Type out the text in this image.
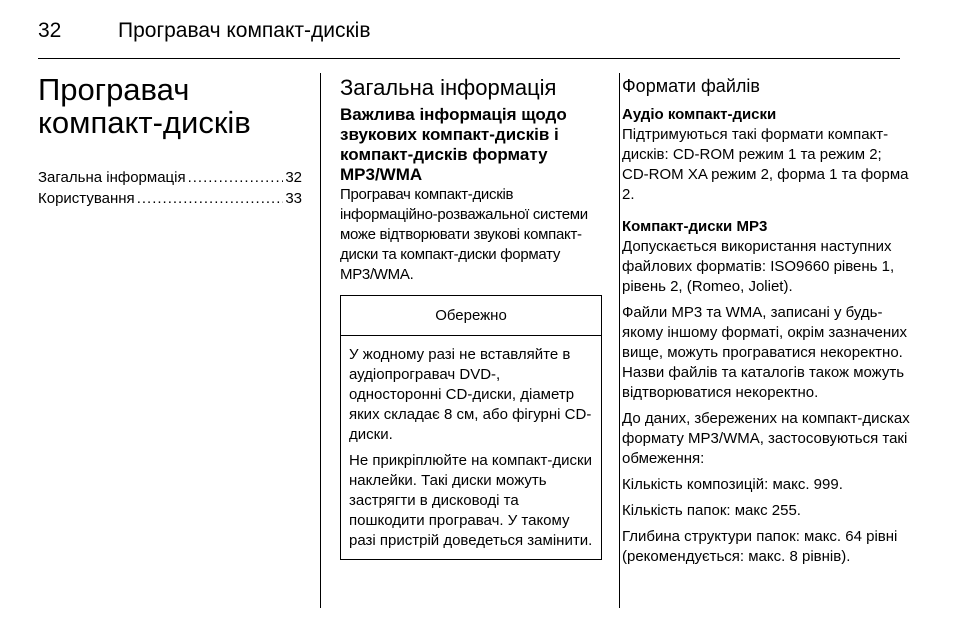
32	Програвач компакт-дисків
Програвач компакт-дисків
Загальна інформація .....	32
Користування .....	33
Загальна інформація
Важлива інформація щодо звукових компакт-дисків і компакт-дисків формату MP3/WMA

Програвач компакт-дисків інформаційно-розважальної системи може відтворювати звукові компакт-диски та компакт-диски формату MP3/WMA.

Обережно

У жодному разі не вставляйте в аудіопрогравач DVD-, односторонні CD-диски, діаметр яких складає 8 см, або фігурні CD-диски.

Не прикріплюйте на компакт-диски наклейки. Такі диски можуть застрягти в дисководі та пошкодити програвач. У такому разі пристрій доведеться замінити.

Формати файлів
Аудіо компакт-диски

Підтримуються такі формати компакт-дисків: CD-ROM режим 1 та режим 2; CD-ROM XA режим 2, форма 1 та форма 2.

Компакт-диски MP3

Допускається використання наступних файлових форматів: ISO9660 рівень 1, рівень 2, (Romeo, Joliet).

Файли MP3 та WMA, записані у будь-якому іншому форматі, окрім зазначених вище, можуть програватися некоректно. Назви файлів та каталогів також можуть відтворюватися некоректно.

До даних, збережених на компакт-дисках формату MP3/WMA, застосовуються такі обмеження:

Кількість композицій: макс. 999.

Кількість папок: макс 255.

Глибина структури папок: макс. 64 рівні (рекомендується: макс. 8 рівнів).
